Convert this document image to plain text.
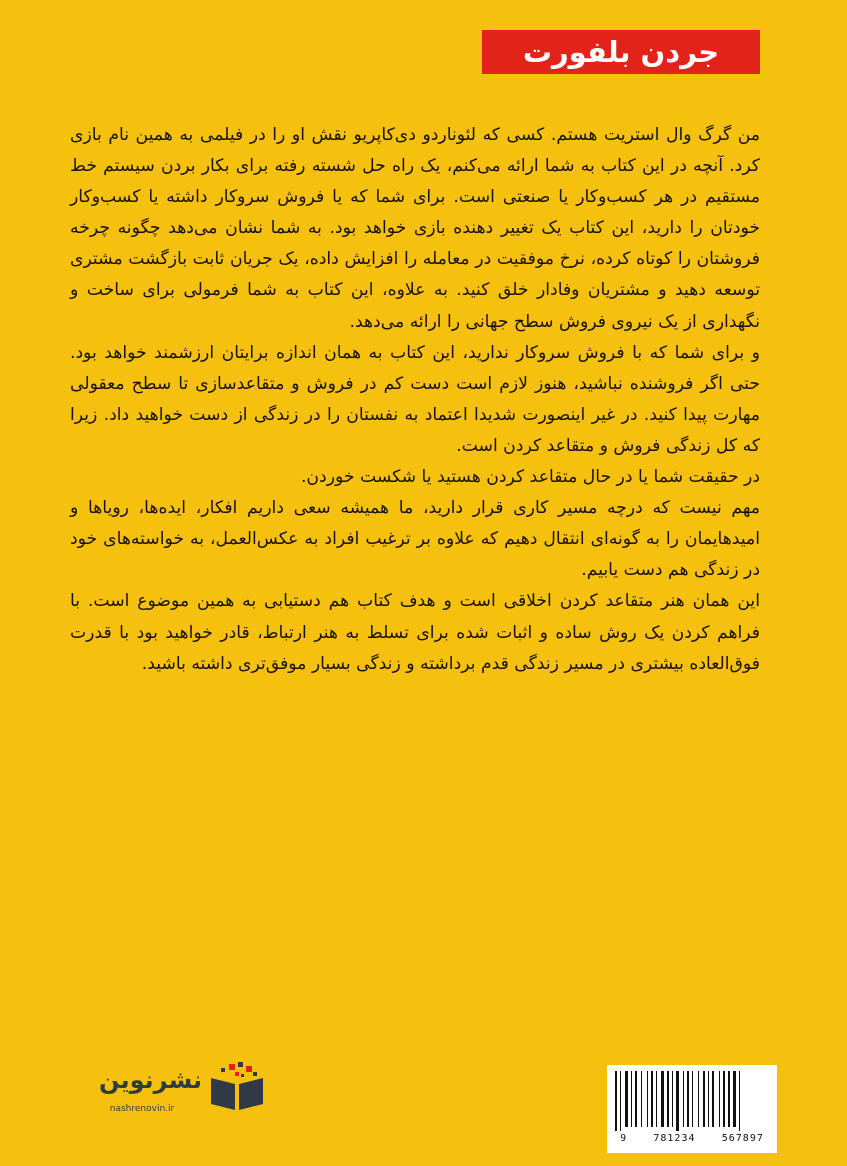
جردن بلفورت

من گرگ وال استریت هستم. کسی که لئوناردو دی‌کاپریو نقش او را در فیلمی به همین نام بازی کرد. آنچه در این کتاب به شما ارائه می‌کنم، یک راه حل شسته رفته برای بکار بردن سیستم خط مستقیم در هر کسب‌وکار یا صنعتی است. برای شما که یا فروش سروکار داشته یا کسب‌وکار خودتان را دارید، این کتاب یک تغییر دهنده بازی خواهد بود. به شما نشان می‌دهد چگونه چرخه فروشتان را کوتاه کرده، نرخ موفقیت در معامله را افزایش داده، یک جریان ثابت بازگشت مشتری توسعه دهید و مشتریان وفادار خلق کنید. به علاوه، این کتاب به شما فرمولی برای ساخت و نگهداری از یک نیروی فروش سطح جهانی را ارائه می‌دهد.

و برای شما که با فروش سروکار ندارید، این کتاب به همان اندازه برایتان ارزشمند خواهد بود. حتی اگر فروشنده نباشید، هنوز لازم است دست کم در فروش و متقاعدسازی تا سطح معقولی مهارت پیدا کنید. در غیر اینصورت شدیدا اعتماد به نفستان را در زندگی از دست خواهید داد. زیرا که کل زندگی فروش و متقاعد کردن است.

در حقیقت شما یا در حال متقاعد کردن هستید یا شکست خوردن.

مهم نیست که درچه مسیر کاری قرار دارید، ما همیشه سعی داریم افکار، ایده‌ها، رویاها و امیدهایمان را به گونه‌ای انتقال دهیم که علاوه بر ترغیب افراد به عکس‌العمل، به خواسته‌های خود در زندگی هم دست یابیم.

این همان هنر متقاعد کردن اخلاقی است و هدف کتاب هم دستیابی به همین موضوع است. با فراهم کردن یک روش ساده و اثبات شده برای تسلط به هنر ارتباط، قادر خواهید بود با قدرت فوق‌العاده بیشتری در مسیر زندگی قدم برداشته و زندگی بسیار موفق‌تری داشته باشید.

نشرنوین
nashrenovin.ir
9	781234	567897
